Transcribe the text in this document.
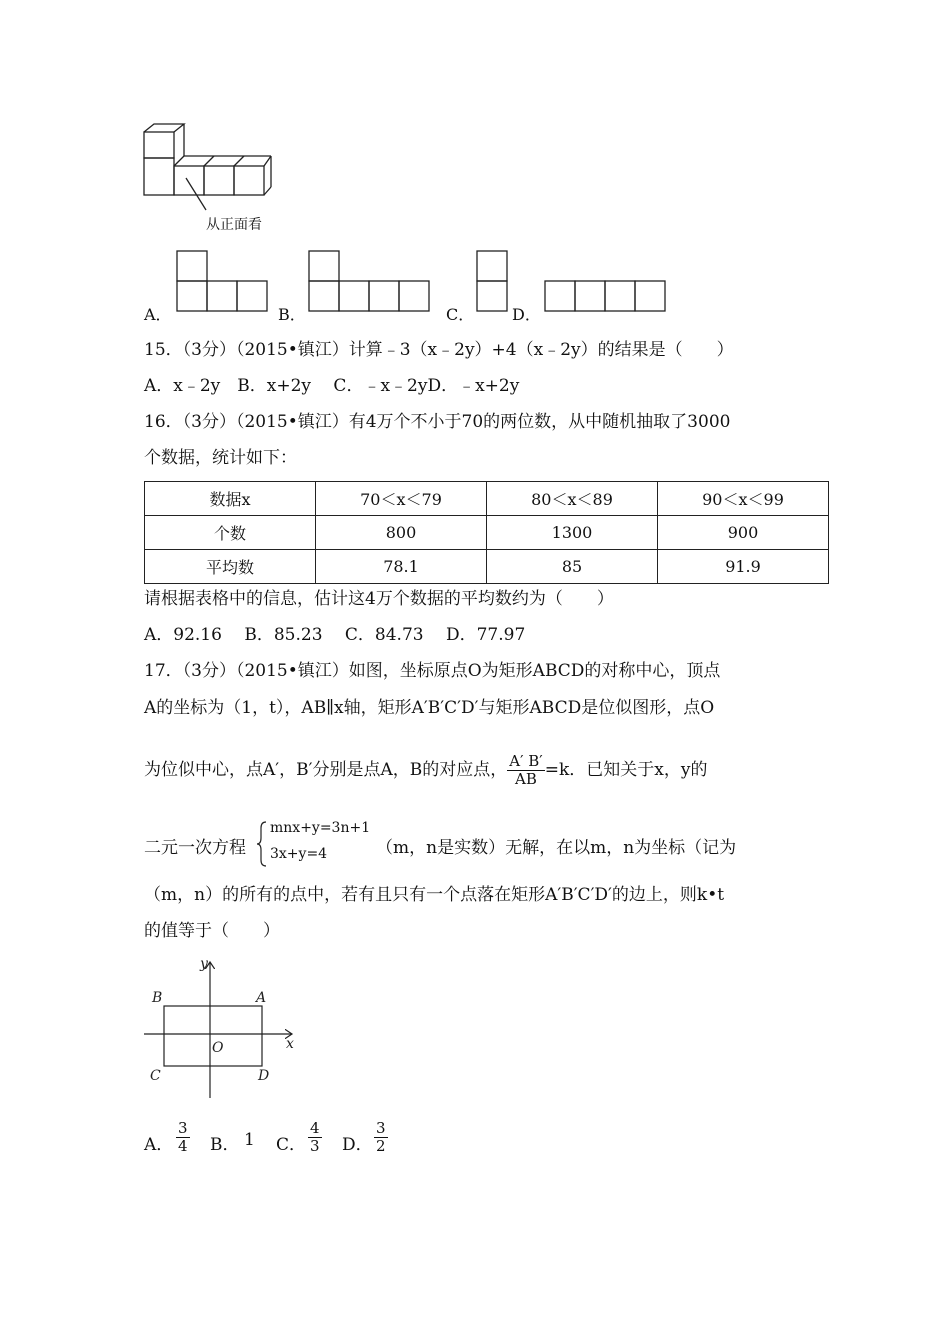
从正面看
A．	B．	C． D．
15．（3分）（2015•镇江）计算﹣3（x﹣2y）+4（x﹣2y）的结果是（　　）
A．x﹣2y　B．x+2y　 C．﹣x﹣2yD．﹣x+2y
16．（3分）（2015•镇江）有4万个不小于70的两位数，从中随机抽取了3000
个数据，统计如下：
数据x	70＜x＜79	80＜x＜89	90＜x＜99
个数	800	1300	900
平均数	78.1	85	91.9
请根据表格中的信息，估计这4万个数据的平均数约为（　　）
A．92.16　 B．85.23　 C．84.73　 D．77.97
17．（3分）（2015•镇江）如图，坐标原点O为矩形ABCD的对称中心，顶点
A的坐标为（1，t），AB∥x轴，矩形A′B′C′D′与矩形ABCD是位似图形，点O
为位似中心，点A′，B′分别是点A，B的对应点， $\frac{A' B'}{AB} =k$．已知关于x，y的
二元一次方程
mnx+y=3n+1
3x+y=4	（m，n是实数）无解，在以m，n为坐标（记为
（m，n）的所有的点中，若有且只有一个点落在矩形A′B′C′D′的边上，则k•t
的值等于（　　）
y
x
A
B
C	D
O
A． $\frac{3}{4}$ B． 1 C． $\frac{4}{3}$ D． $\frac{3}{2}$
